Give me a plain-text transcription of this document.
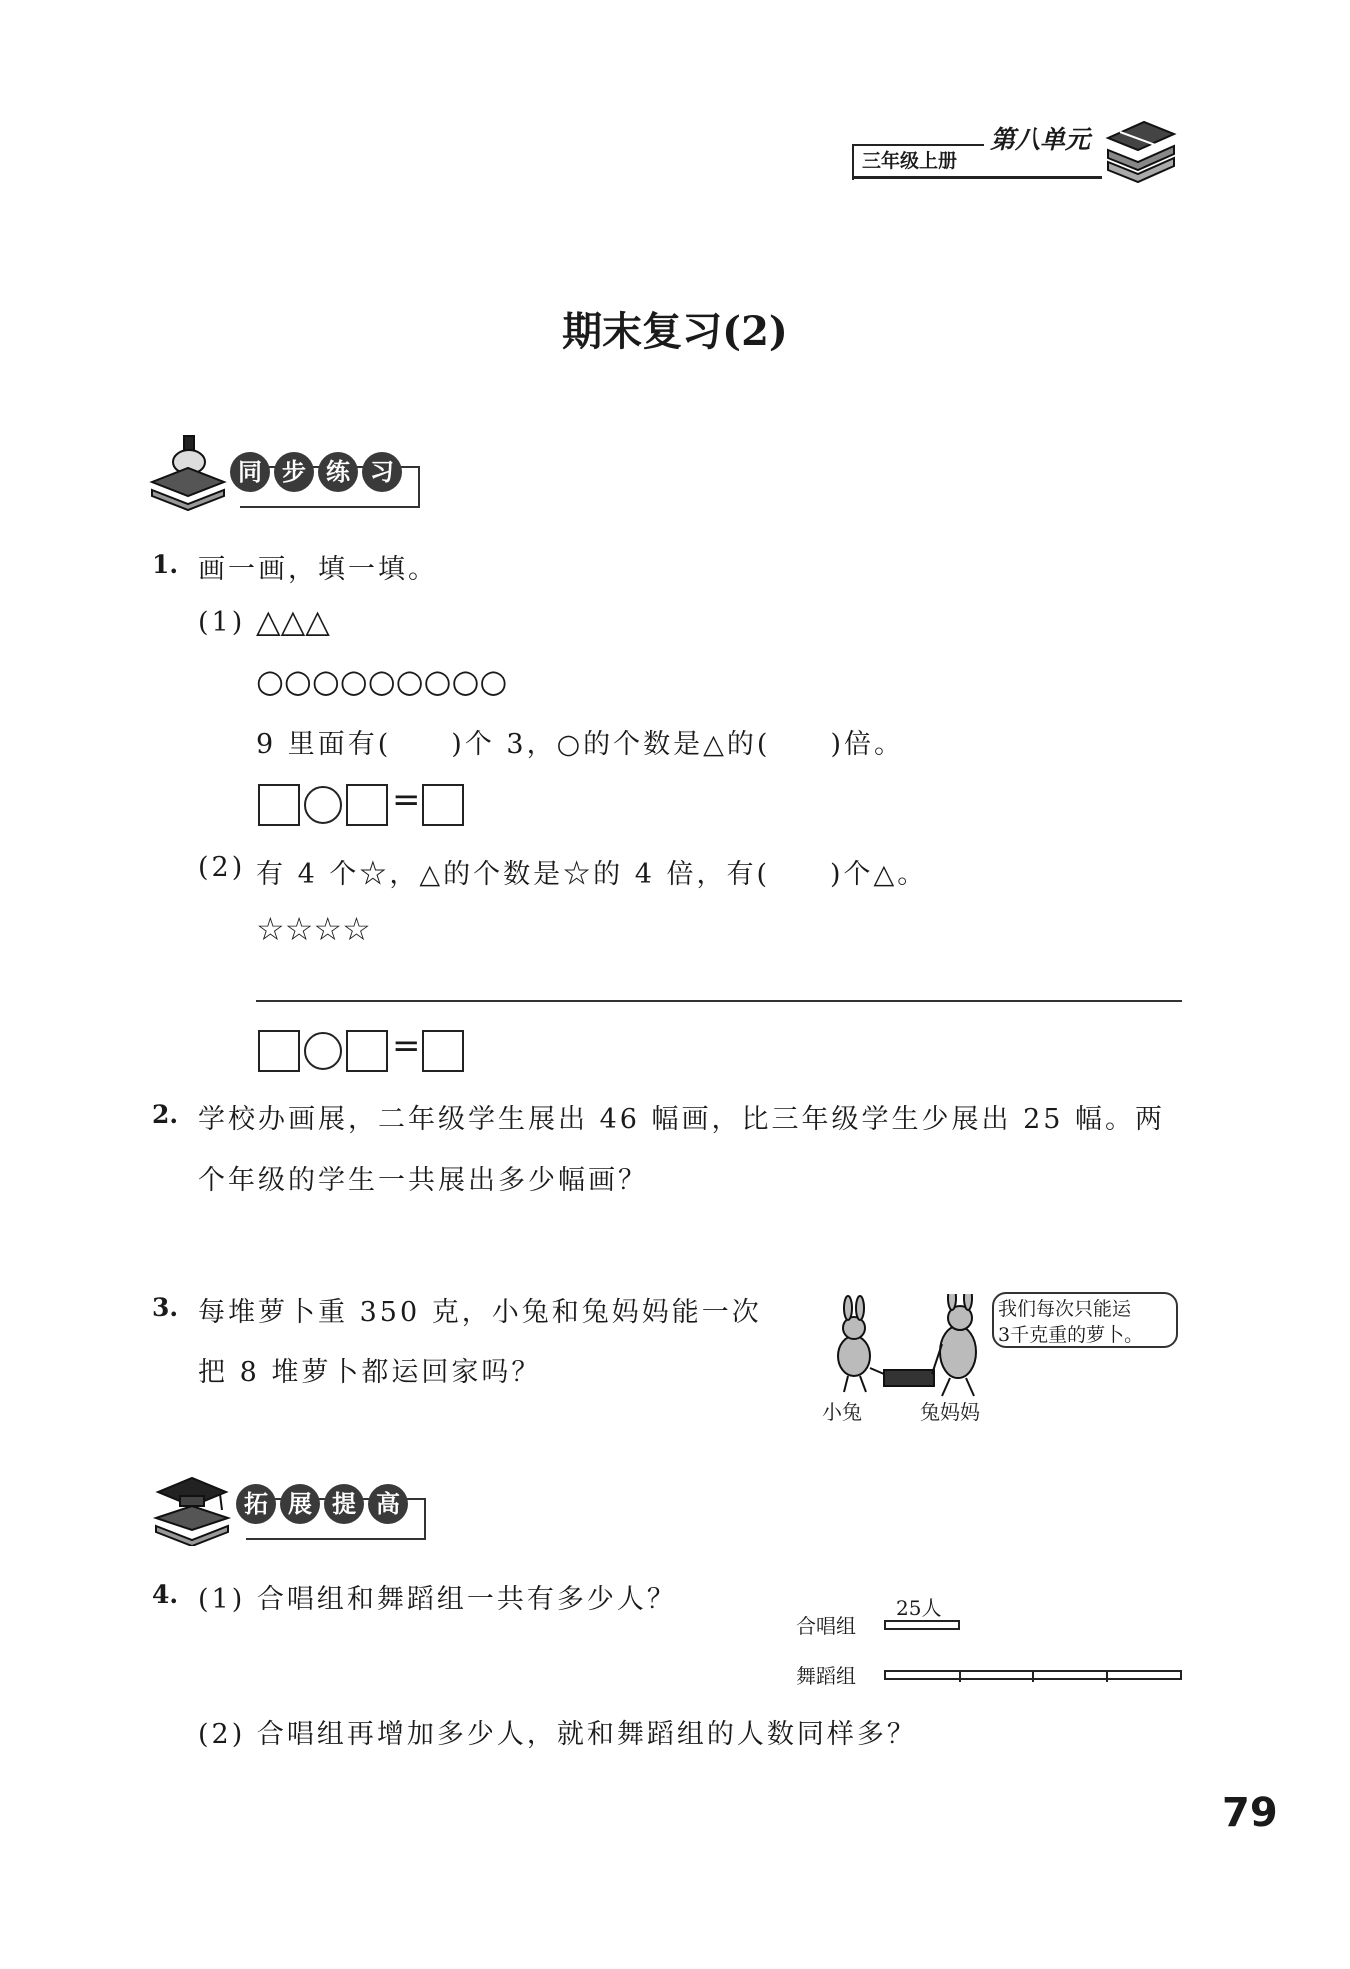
三年级上册
第八单元
期末复习(2)
同 步 练 习
1. 画一画，填一填。
(1) △△△
○○○○○○○○○
9 里面有(　　)个 3，○的个数是△的(　　)倍。
=
(2) 有 4 个☆，△的个数是☆的 4 倍，有(　　)个△。
☆☆☆☆
=
2. 学校办画展，二年级学生展出 46 幅画，比三年级学生少展出 25 幅。两
个年级的学生一共展出多少幅画？
3. 每堆萝卜重 350 克，小兔和兔妈妈能一次
把 8 堆萝卜都运回家吗？
我们每次只能运
3千克重的萝卜。
小兔	兔妈妈
拓 展 提 高
4. (1) 合唱组和舞蹈组一共有多少人？
(2) 合唱组再增加多少人，就和舞蹈组的人数同样多？
合唱组
25人
舞蹈组
79
